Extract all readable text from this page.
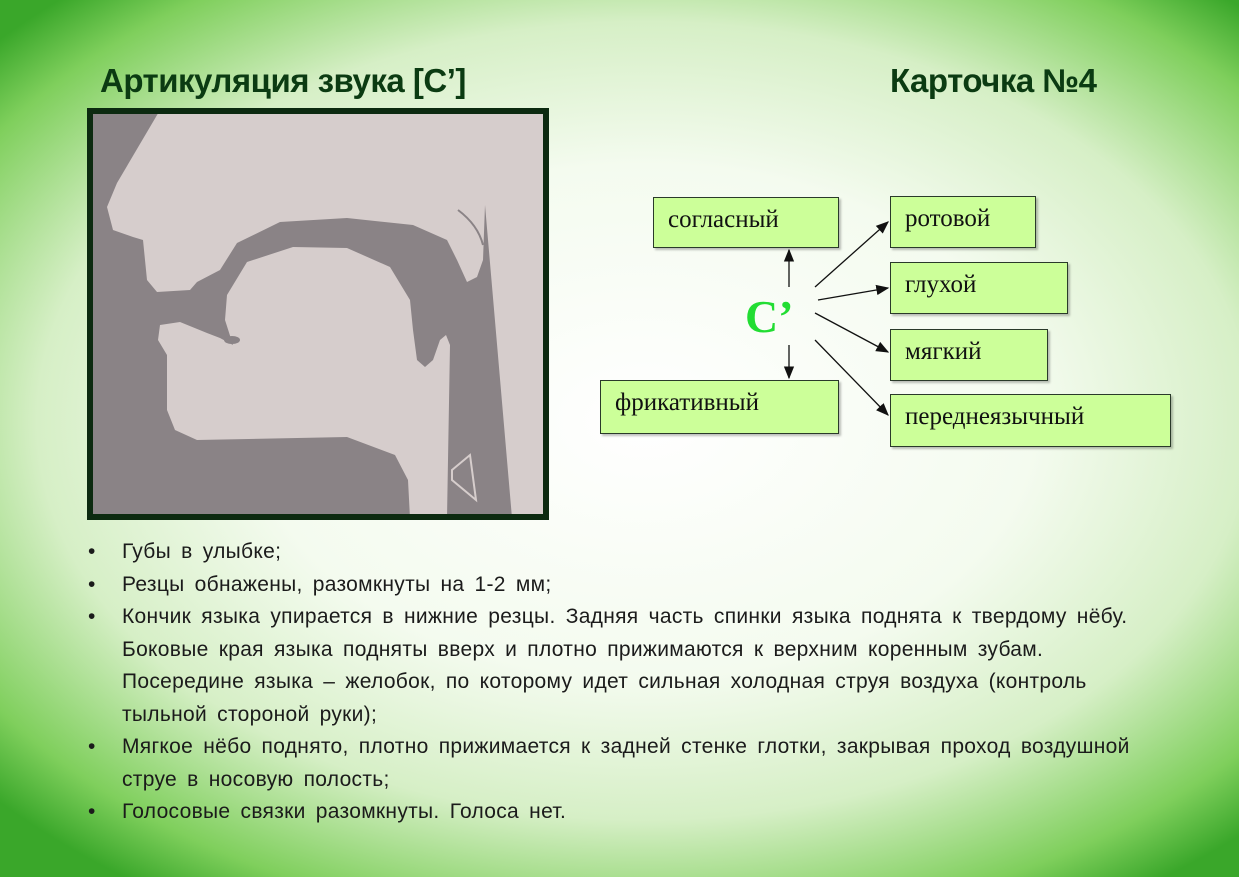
Артикуляция звука [С’]	Карточка №4
согласный
фрикативный
ротовой
глухой
мягкий
переднеязычный
С’
• Губы в улыбке;
• Резцы обнажены, разомкнуты на 1-2 мм;
• Кончик языка упирается в нижние резцы. Задняя часть спинки языка поднята к твердому нёбу. Боковые края языка подняты вверх и плотно прижимаются к верхним коренным зубам. Посередине языка – желобок, по которому идет сильная холодная струя воздуха (контроль тыльной стороной руки);
• Мягкое нёбо поднято, плотно прижимается к задней стенке глотки, закрывая проход воздушной струе в носовую полость;
• Голосовые связки разомкнуты. Голоса нет.
